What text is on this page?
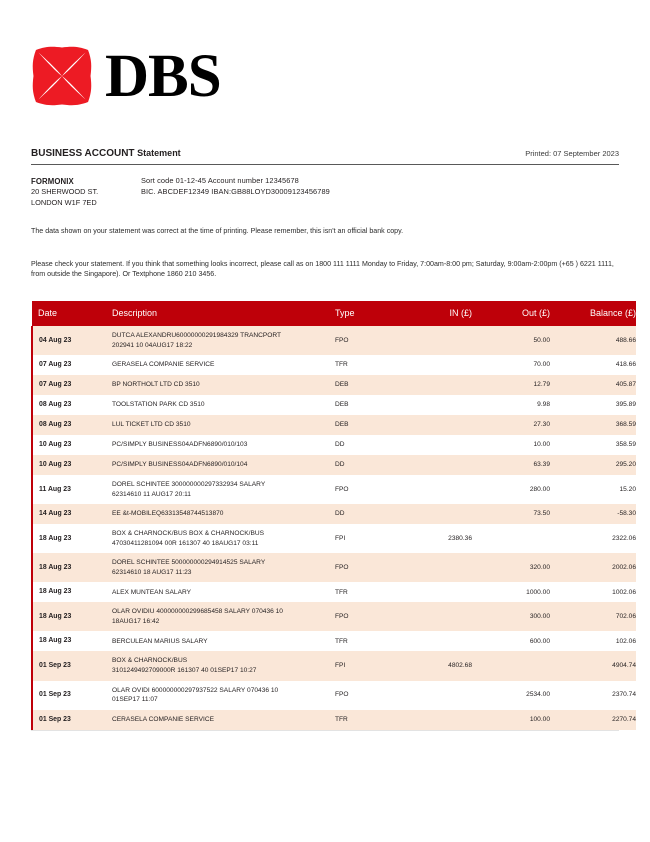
DBS
BUSINESS ACCOUNT Statement	Printed: 07 September 2023
FORMONIX
20 SHERWOOD ST.
LONDON W1F 7ED
Sort code 01-12-45 Account number 12345678
BIC. ABCDEF12349 IBAN:GB88LOYD30009123456789
The data shown on your statement was correct at the time of printing. Please remember, this isn't an official bank copy.
Please check your statement. If you think that something looks incorrect, please call as on 1800 111 1111 Monday to Friday, 7:00am-8:00 pm; Saturday, 9:00am-2:00pm (+65 ) 6221 1111, from outside the Singapore). Or Textphone 1860 210 3456.
Date	Description	Type	IN (£)	Out (£)	Balance (£)
04 Aug 23	DUTCA ALEXANDRU60000000291984329 TRANCPORT
202941 10 04AUG17 18:22	FPO		50.00	488.66
07 Aug 23	GERASELA COMPANIE SERVICE	TFR		70.00	418.66
07 Aug 23	BP NORTHOLT LTD CD 3510	DEB		12.79	405.87
08 Aug 23	TOOLSTATION PARK CD 3510	DEB		9.98	395.89
08 Aug 23	LUL TICKET LTD CD 3510	DEB		27.30	368.59
10 Aug 23	PC/SIMPLY BUSINESS04ADFN6890/010/103	DD		10.00	358.59
10 Aug 23	PC/SIMPLY BUSINESS04ADFN6890/010/104	DD		63.39	295.20
11 Aug 23	DOREL SCHINTEE 300000000297332934 SALARY
62314610 11 AUG17 20:11	FPO		280.00	15.20
14 Aug 23	EE &t-MOBILEQ63313548744513870	DD		73.50	-58.30
18 Aug 23	BOX & CHARNOCK/BUS BOX & CHARNOCK/BUS
47030411281094 00R 161307 40 18AUG17 03:11	FPI	2380.36		2322.06
18 Aug 23	DOREL SCHINTEE 500000000294914525 SALARY
62314610 18 AUG17 11:23	FPO		320.00	2002.06
18 Aug 23	ALEX MUNTEAN SALARY	TFR		1000.00	1002.06
18 Aug 23	OLAR OVIDIU 400000000299685458 SALARY 070436 10
18AUG17 16:42	FPO		300.00	702.06
18 Aug 23	BERCULEAN MARIUS SALARY	TFR		600.00	102.06
01 Sep 23	BOX & CHARNOCK/BUS
3101249492709000R 161307 40 01SEP17 10:27	FPI	4802.68		4904.74
01 Sep 23	OLAR OVIDI 600000000297937522 SALARY 070436 10
01SEP17 11:07	FPO		2534.00	2370.74
01 Sep 23	CERASELA COMPANIE SERVICE	TFR		100.00	2270.74
